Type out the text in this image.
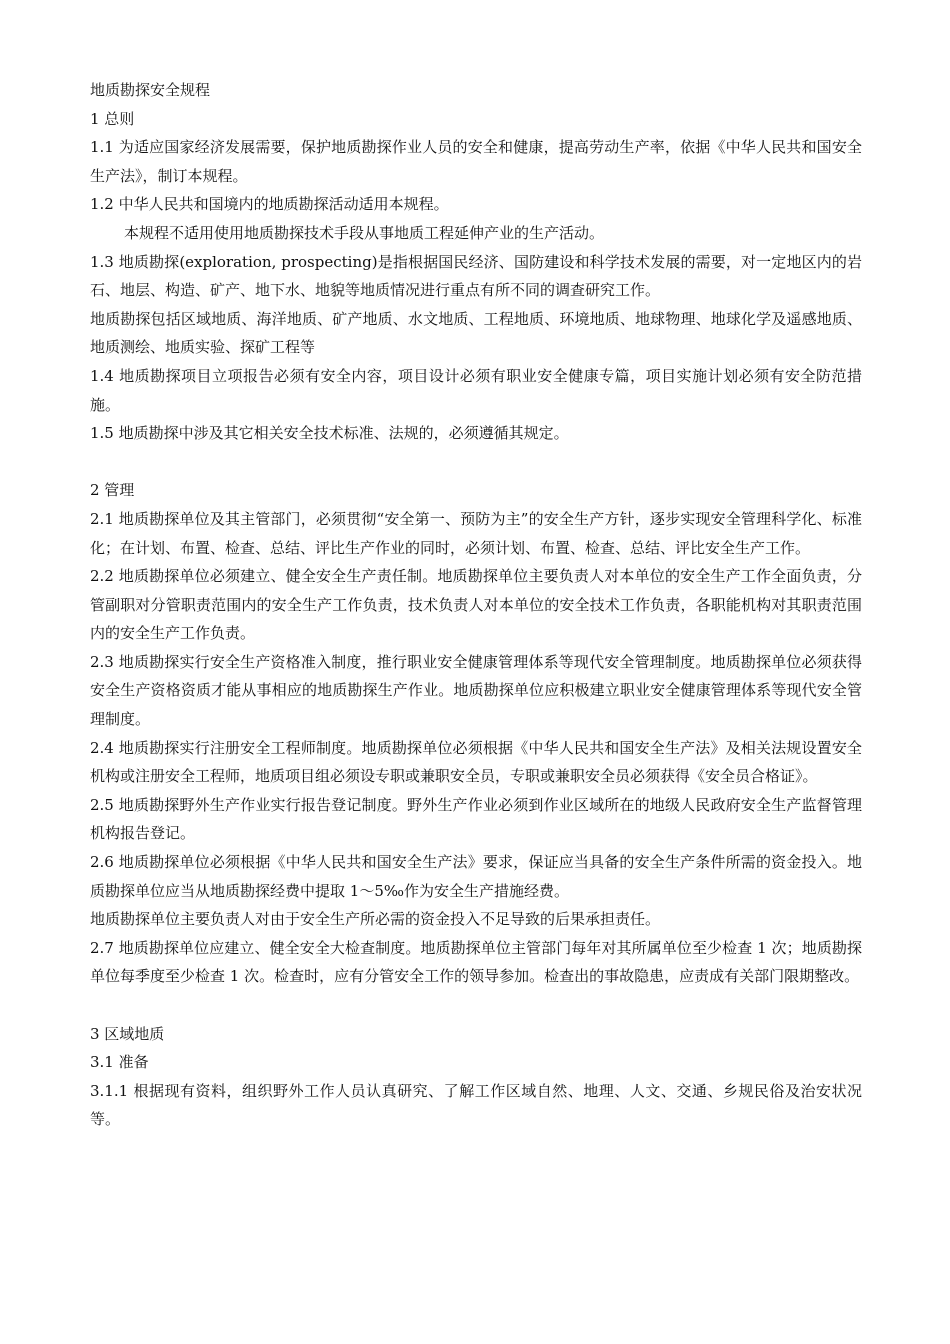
地质勘探安全规程

1 总则

1.1 为适应国家经济发展需要，保护地质勘探作业人员的安全和健康，提高劳动生产率，依据《中华人民共和国安全生产法》，制订本规程。

1.2 中华人民共和国境内的地质勘探活动适用本规程。

本规程不适用使用地质勘探技术手段从事地质工程延伸产业的生产活动。

1.3 地质勘探(exploration, prospecting)是指根据国民经济、国防建设和科学技术发展的需要，对一定地区内的岩石、地层、构造、矿产、地下水、地貌等地质情况进行重点有所不同的调查研究工作。

地质勘探包括区域地质、海洋地质、矿产地质、水文地质、工程地质、环境地质、地球物理、地球化学及遥感地质、地质测绘、地质实验、探矿工程等

1.4 地质勘探项目立项报告必须有安全内容，项目设计必须有职业安全健康专篇，项目实施计划必须有安全防范措施。

1.5 地质勘探中涉及其它相关安全技术标准、法规的，必须遵循其规定。

2 管理

2.1 地质勘探单位及其主管部门，必须贯彻“安全第一、预防为主”的安全生产方针，逐步实现安全管理科学化、标准化；在计划、布置、检查、总结、评比生产作业的同时，必须计划、布置、检查、总结、评比安全生产工作。

2.2 地质勘探单位必须建立、健全安全生产责任制。地质勘探单位主要负责人对本单位的安全生产工作全面负责，分管副职对分管职责范围内的安全生产工作负责，技术负责人对本单位的安全技术工作负责，各职能机构对其职责范围内的安全生产工作负责。

2.3 地质勘探实行安全生产资格准入制度，推行职业安全健康管理体系等现代安全管理制度。地质勘探单位必须获得安全生产资格资质才能从事相应的地质勘探生产作业。地质勘探单位应积极建立职业安全健康管理体系等现代安全管理制度。

2.4 地质勘探实行注册安全工程师制度。地质勘探单位必须根据《中华人民共和国安全生产法》及相关法规设置安全机构或注册安全工程师，地质项目组必须设专职或兼职安全员，专职或兼职安全员必须获得《安全员合格证》。

2.5 地质勘探野外生产作业实行报告登记制度。野外生产作业必须到作业区域所在的地级人民政府安全生产监督管理机构报告登记。

2.6 地质勘探单位必须根据《中华人民共和国安全生产法》要求，保证应当具备的安全生产条件所需的资金投入。地质勘探单位应当从地质勘探经费中提取 1～5‰作为安全生产措施经费。

地质勘探单位主要负责人对由于安全生产所必需的资金投入不足导致的后果承担责任。

2.7 地质勘探单位应建立、健全安全大检查制度。地质勘探单位主管部门每年对其所属单位至少检查 1 次；地质勘探单位每季度至少检查 1 次。检查时，应有分管安全工作的领导参加。检查出的事故隐患，应责成有关部门限期整改。

3 区域地质

3.1 准备

3.1.1 根据现有资料，组织野外工作人员认真研究、了解工作区域自然、地理、人文、交通、乡规民俗及治安状况等。
